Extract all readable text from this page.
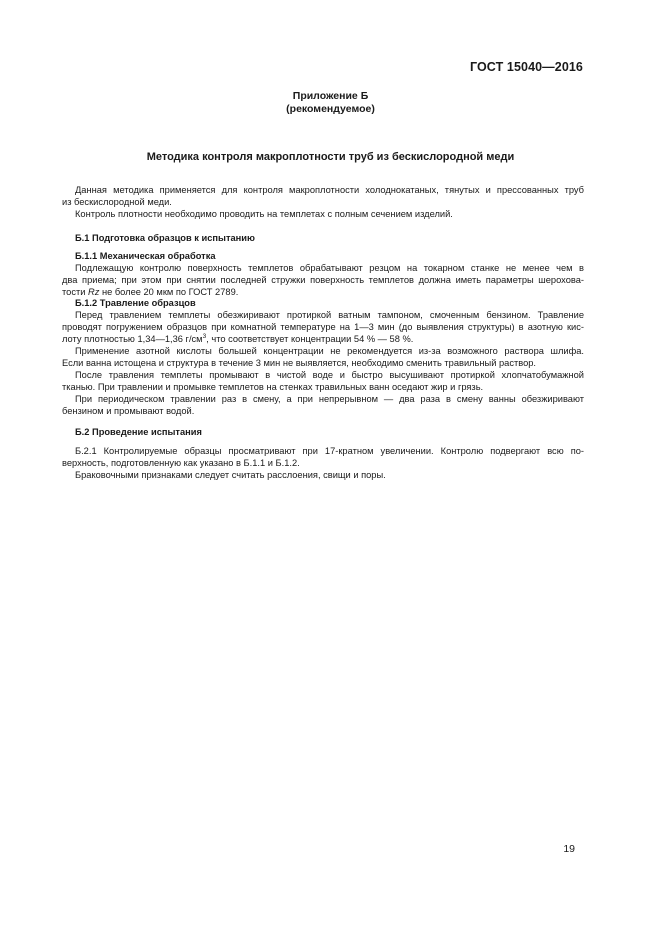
ГОСТ 15040—2016
Приложение Б
(рекомендуемое)
Методика контроля макроплотности труб из бескислородной меди
Данная методика применяется для контроля макроплотности холоднокатаных, тянутых и прессованных труб
из бескислородной меди.
Контроль плотности необходимо проводить на темплетах с полным сечением изделий.
Б.1 Подготовка образцов к испытанию
Б.1.1 Механическая обработка
Подлежащую контролю поверхность темплетов обрабатывают резцом на токарном станке не менее чем в
два приема; при этом при снятии последней стружки поверхность темплетов должна иметь параметры шерохова-
тости Rz не более 20 мкм по ГОСТ 2789.
Б.1.2 Травление образцов
Перед травлением темплеты обезжиривают протиркой ватным тампоном, смоченным бензином. Травление
проводят погружением образцов при комнатной температуре на 1—3 мин (до выявления структуры) в азотную кис-
лоту плотностью 1,34—1,36 $г/см^3$, что соответствует концентрации 54 % — 58 %.
Применение азотной кислоты большей концентрации не рекомендуется из-за возможного раствора шлифа.
Если ванна истощена и структура в течение 3 мин не выявляется, необходимо сменить травильный раствор.
После травления темплеты промывают в чистой воде и быстро высушивают протиркой хлопчатобумажной
тканью. При травлении и промывке темплетов на стенках травильных ванн оседают жир и грязь.
При периодическом травлении раз в смену, а при непрерывном — два раза в смену ванны обезжиривают
бензином и промывают водой.
Б.2 Проведение испытания
Б.2.1 Контролируемые образцы просматривают при 17-кратном увеличении. Контролю подвергают всю по-
верхность, подготовленную как указано в Б.1.1 и Б.1.2.
Браковочными признаками следует считать расслоения, свищи и поры.
19
